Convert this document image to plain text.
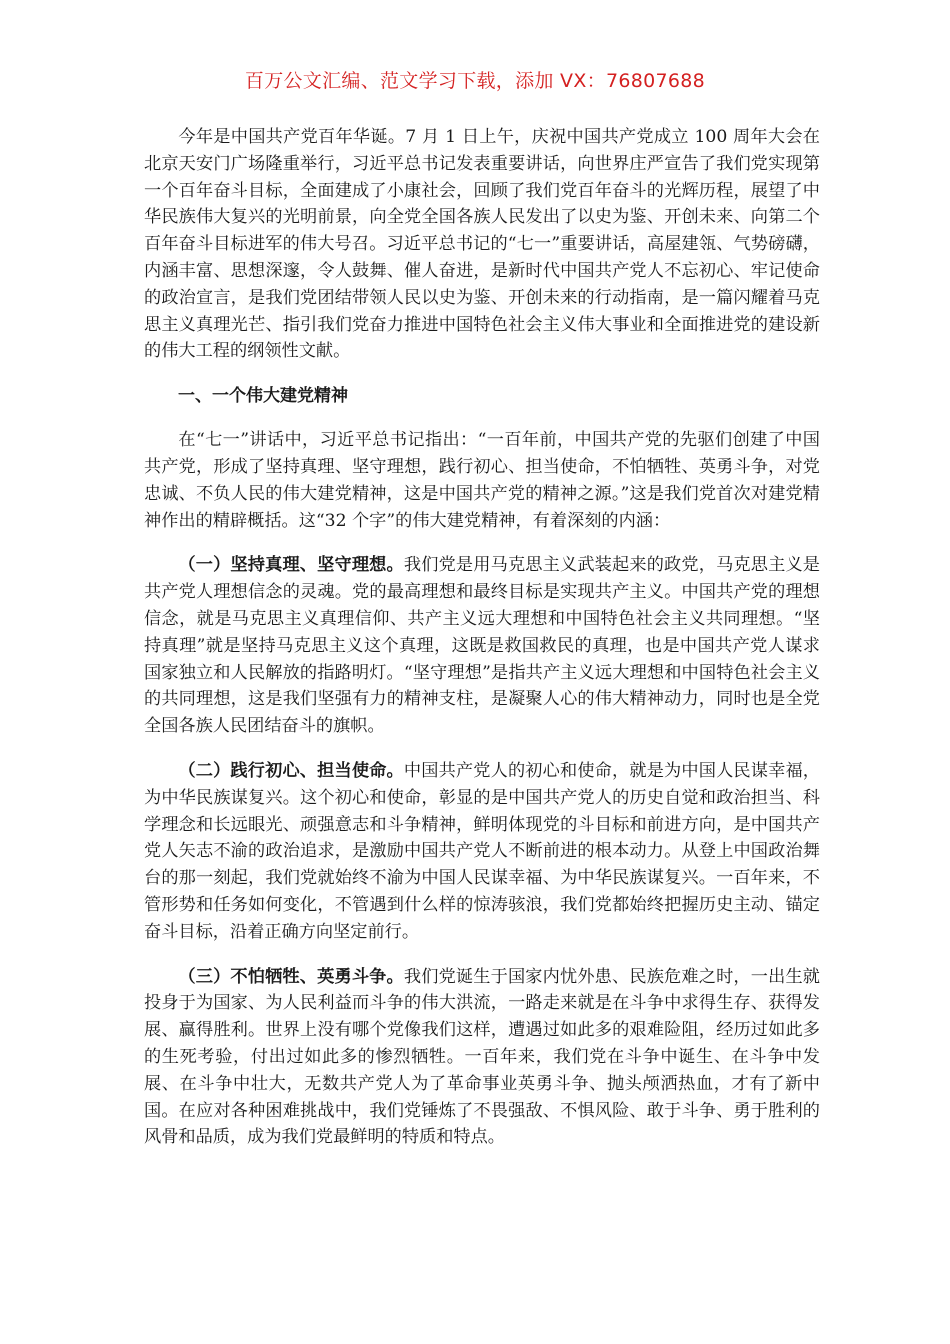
百万公文汇编、范文学习下载，添加 VX：76807688

今年是中国共产党百年华诞。7 月 1 日上午，庆祝中国共产党成立 100 周年大会在北京天安门广场隆重举行，习近平总书记发表重要讲话，向世界庄严宣告了我们党实现第一个百年奋斗目标，全面建成了小康社会，回顾了我们党百年奋斗的光辉历程，展望了中华民族伟大复兴的光明前景，向全党全国各族人民发出了以史为鉴、开创未来、向第二个百年奋斗目标进军的伟大号召。习近平总书记的“七一”重要讲话，高屋建瓴、气势磅礴，内涵丰富、思想深邃，令人鼓舞、催人奋进，是新时代中国共产党人不忘初心、牢记使命的政治宣言，是我们党团结带领人民以史为鉴、开创未来的行动指南，是一篇闪耀着马克思主义真理光芒、指引我们党奋力推进中国特色社会主义伟大事业和全面推进党的建设新的伟大工程的纲领性文献。

一、一个伟大建党精神

在“七一”讲话中，习近平总书记指出：“一百年前，中国共产党的先驱们创建了中国共产党，形成了坚持真理、坚守理想，践行初心、担当使命，不怕牺牲、英勇斗争，对党忠诚、不负人民的伟大建党精神，这是中国共产党的精神之源。”这是我们党首次对建党精神作出的精辟概括。这“32 个字”的伟大建党精神，有着深刻的内涵：

（一）坚持真理、坚守理想。我们党是用马克思主义武装起来的政党，马克思主义是共产党人理想信念的灵魂。党的最高理想和最终目标是实现共产主义。中国共产党的理想信念，就是马克思主义真理信仰、共产主义远大理想和中国特色社会主义共同理想。“坚持真理”就是坚持马克思主义这个真理，这既是救国救民的真理，也是中国共产党人谋求国家独立和人民解放的指路明灯。“坚守理想”是指共产主义远大理想和中国特色社会主义的共同理想，这是我们坚强有力的精神支柱，是凝聚人心的伟大精神动力，同时也是全党全国各族人民团结奋斗的旗帜。

（二）践行初心、担当使命。中国共产党人的初心和使命，就是为中国人民谋幸福，为中华民族谋复兴。这个初心和使命，彰显的是中国共产党人的历史自觉和政治担当、科学理念和长远眼光、顽强意志和斗争精神，鲜明体现党的斗目标和前进方向，是中国共产党人矢志不渝的政治追求，是激励中国共产党人不断前进的根本动力。从登上中国政治舞台的那一刻起，我们党就始终不渝为中国人民谋幸福、为中华民族谋复兴。一百年来，不管形势和任务如何变化，不管遇到什么样的惊涛骇浪，我们党都始终把握历史主动、锚定奋斗目标，沿着正确方向坚定前行。

（三）不怕牺牲、英勇斗争。我们党诞生于国家内忧外患、民族危难之时，一出生就投身于为国家、为人民利益而斗争的伟大洪流，一路走来就是在斗争中求得生存、获得发展、赢得胜利。世界上没有哪个党像我们这样，遭遇过如此多的艰难险阻，经历过如此多的生死考验，付出过如此多的惨烈牺牲。一百年来，我们党在斗争中诞生、在斗争中发展、在斗争中壮大，无数共产党人为了革命事业英勇斗争、抛头颅洒热血，才有了新中国。在应对各种困难挑战中，我们党锤炼了不畏强敌、不惧风险、敢于斗争、勇于胜利的风骨和品质，成为我们党最鲜明的特质和特点。
